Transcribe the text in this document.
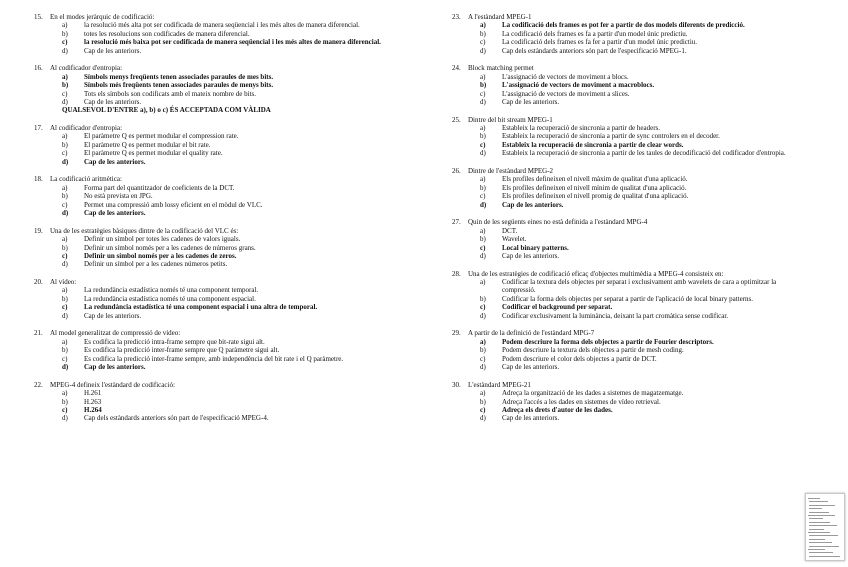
15.	En el modes jeràrquic de codificació:
a)	la resolució més alta pot ser codificada de manera seqüencial i les més altes de manera diferencial.
b)	totes les resolucions son codificades de manera diferencial.
c)	la resolució més baixa pot ser codificada de manera seqüencial i les més altes de manera diferencial.
d)	Cap de les anteriors.
16.	Al codificador d'entropia:
a)	Símbols menys freqüents tenen associades paraules de mes bits.
b)	Símbols més freqüents tenen associades paraules de menys bits.
c)	Tots els símbols son codificats amb el mateix nombre de bits.
d)	Cap de les anteriors.
QUALSEVOL D'ENTRE a), b) o c) ÉS ACCEPTADA COM VÀLIDA
17.	Al codificador d'entropia:
a)	El paràmetre Q es permet modular el compression rate.
b)	El paràmetre Q es permet modular el bit rate.
c)	El paràmetre Q es permet modular el quality rate.
d)	Cap de les anteriors.
18.	La codificació aritmètica:
a)	Forma part del quantitzador de coeficients de la DCT.
b)	No està prevista en JPG.
c)	Permet una compressió amb lossy eficient en el mòdul de VLC.
d)	Cap de les anteriors.
19.	Una de les estratègies bàsiques dintre de la codificació del VLC és:
a)	Definir un símbol per totes les cadenes de valors iguals.
b)	Definir un símbol només per a les cadenes de números grans.
c)	Definir un símbol només per a les cadenes de zeros.
d)	Definir un símbol per a les cadenes números petits.
20.	Al vídeo:
a)	La redundància estadística només té una component temporal.
b)	La redundància estadística només té una component espacial.
c)	La redundància estadística té una component espacial i una altra de temporal.
d)	Cap de les anteriors.
21.	Al model generalitzat de compressió de vídeo:
a)	Es codifica la predicció intra-frame sempre que bit-rate sigui alt.
b)	Es codifica la predicció inter-frame sempre que Q paràmetre sigui alt.
c)	Es codifica la predicció inter-frame sempre, amb independència del bit rate i el Q paràmetre.
d)	Cap de les anteriors.
22.	MPEG-4 defineix l'estàndard de codificació:
a)	H.261
b)	H.263
c)	H.264
d)	Cap dels estàndards anteriors són part de l'especificació MPEG-4.
23.	A l'estàndard MPEG-1
a)	La codificació dels frames es pot fer a partir de dos models diferents de predicció.
b)	La codificació dels frames es fa a partir d'un model únic predictiu.
c)	La codificació dels frames es fa fer a partir d'un model únic predictiu.
d)	Cap dels estàndards anteriors són part de l'especificació MPEG-1.
24.	Block matching permet
a)	L'assignació de vectors de moviment a blocs.
b)	L'assignació de vectors de moviment a macroblocs.
c)	L'assignació de vectors de moviment a slices.
d)	Cap de les anteriors.
25.	Dintre del bit stream MPEG-1
a)	Estableix la recuperació de sincronia a partir de headers.
b)	Estableix la recuperació de sincronia a partir de sync controlers en el decoder.
c)	Estableix la recuperació de sincronia a partir de clear words.
d)	Estableix la recuperació de sincronia a partir de les taules de decodificació del codificador d'entropia.
26.	Dintre de l'estàndard MPEG-2
a)	Els profiles defineixen el nivell màxim de qualitat d'una aplicació.
b)	Els profiles defineixen el nivell mínim de qualitat d'una aplicació.
c)	Els profiles defineixen el nivell promig de qualitat d'una aplicació.
d)	Cap de les anteriors.
27.	Quin de les següents eines no està definida a l'estàndard MPG-4
a)	DCT.
b)	Wavelet.
c)	Local binary patterns.
d)	Cap de les anteriors.
28.	Una de les estratègies de codificació eficaç d'objectes multimèdia a MPEG-4 consisteix en:
a)	Codificar la textura dels objectes per separat i exclusivament amb wavelets de cara a optimitzar la compressió.
b)	Codificar la forma dels objectes per separat a partir de l'aplicació de local binary patterns.
c)	Codificar el background per separat.
d)	Codificar exclusivament la luminància, deixant la part cromàtica sense codificar.
29.	A partir de la definició de l'estàndard MPG-7
a)	Podem descriure la forma dels objectes a partir de Fourier descriptors.
b)	Podem descriure la textura dels objectes a partir de mesh coding.
c)	Podem descriure el color dels objectes a partir de DCT.
d)	Cap de les anteriors.
30.	L'estàndard MPEG-21
a)	Adreça la organització de les dades a sistemes de magatzematge.
b)	Adreça l'accés a les dades en sistemes de vídeo retrieval.
c)	Adreça els drets d'autor de les dades.
d)	Cap de les anteriors.
